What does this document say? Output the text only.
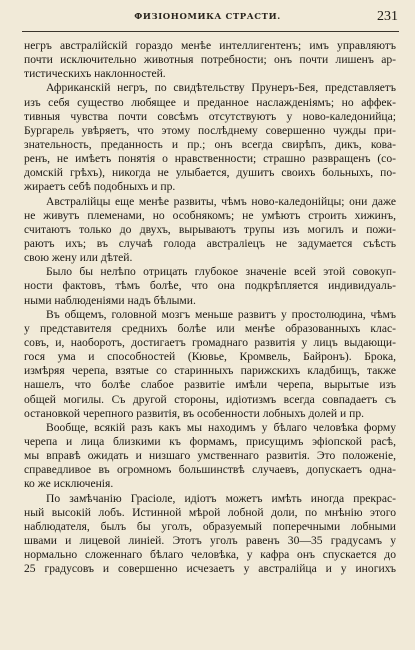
ФИЗІОНОМИКА СТРАСТИ.	231
негръ австралійскій гораздо менѣе интеллигентенъ; имъ управляютъ
почти исключительно животныя потребности; онъ почти лишенъ ар-
тистическихъ наклонностей.
Африканскій негръ, по свидѣтельству Прунеръ-Бея, представляетъ
изъ себя существо любящее и преданное наслажденіямъ; но аффек-
тивныя чувства почти совсѣмъ отсутствуютъ у ново-каледонийца;
Бургарель увѣряетъ, что этому послѣднему совершенно чужды при-
знательность, преданность и пр.; онъ всегда свирѣпъ, дикъ, кова-
ренъ, не имѣетъ понятія о нравственности; страшно развращенъ (со-
домскій грѣхъ), никогда не улыбается, душитъ своихъ больныхъ, по-
жираетъ себѣ подобныхъ и пр.
Австралійцы еще менѣе развиты, чѣмъ ново-каледонійцы; они даже
не живутъ племенами, но особнякомъ; не умѣютъ строить хижинъ,
считаютъ только до двухъ, вырываютъ трупы изъ могилъ и пожи-
раютъ ихъ; въ случаѣ голода австраліецъ не задумается съѣсть
свою жену или дѣтей.
Было бы нелѣпо отрицать глубокое значеніе всей этой совокуп-
ности фактовъ, тѣмъ болѣе, что она подкрѣпляется индивидуаль-
ными наблюденіями надъ бѣлыми.
Въ общемъ, головной мозгъ меньше развитъ у простолюдина, чѣмъ
у представителя среднихъ болѣе или менѣе образованныхъ клас-
совъ, и, наоборотъ, достигаетъ громаднаго развитія у лицъ выдающи-
гося ума и способностей (Кювье, Кромвель, Байронъ). Брока,
измѣряя черепа, взятые со старинныхъ парижскихъ кладбищъ, также
нашелъ, что болѣе слабое развитіе имѣли черепа, вырытые изъ
общей могилы. Съ другой стороны, идіотизмъ всегда совпадаетъ съ
остановкой черепного развитія, въ особенности лобныхъ долей и пр.
Вообще, всякій разъ какъ мы находимъ у бѣлаго человѣка форму
черепа и лица близкими къ формамъ, присущимъ эфіопской расѣ,
мы вправѣ ожидать и низшаго умственнаго развитія. Это положеніе,
справедливое въ огромномъ большинствѣ случаевъ, допускаетъ одна-
ко же исключенія.
По замѣчанію Грасіоле, идіотъ можетъ имѣть иногда прекрас-
ный высокій лобъ. Истинной мѣрой лобной доли, по мнѣнію этого
наблюдателя, былъ бы уголъ, образуемый поперечными лобными
швами и лицевой линіей. Этотъ уголъ равенъ 30—35 градусамъ у
нормально сложеннаго бѣлаго человѣка, у кафра онъ спускается до
25 градусовъ и совершенно исчезаетъ у австралійца и у иногихъ
